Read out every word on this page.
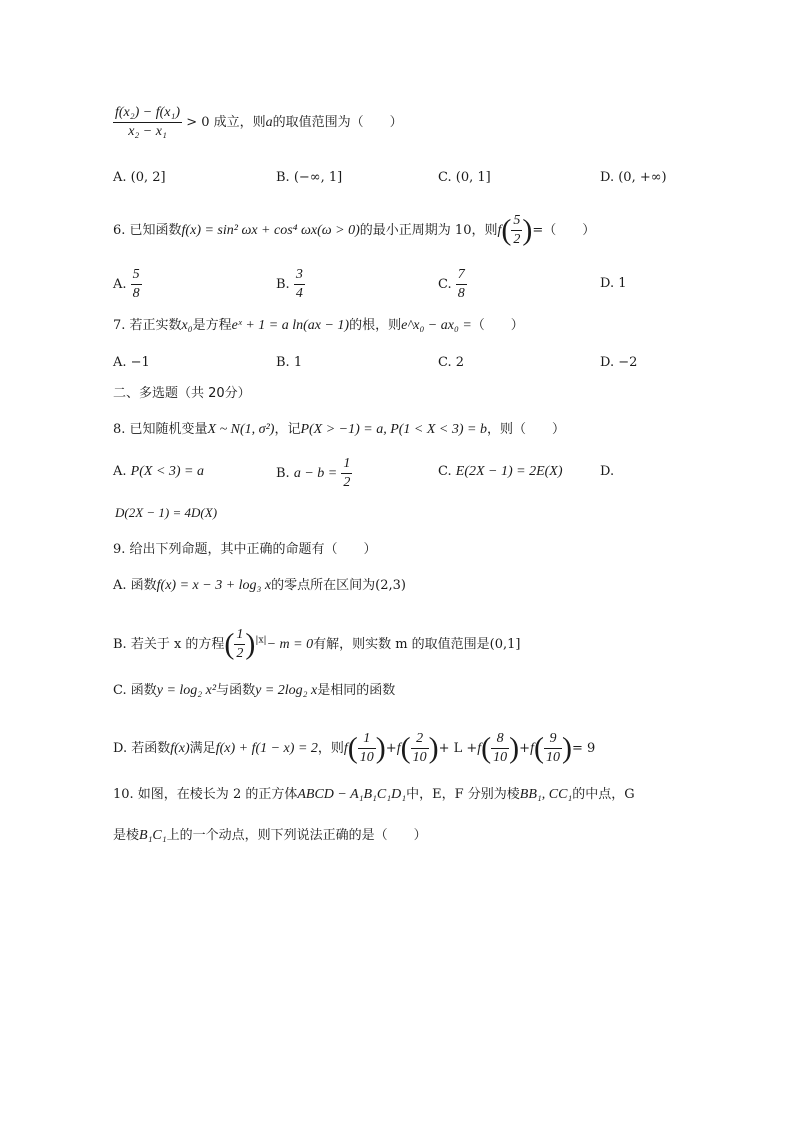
$\frac{\text{f(x₂) − f(x₁)}}{\text{x₂ − x₁}} > 0$ 成立，则a的取值范围为（　　）
A. (0, 2]	B. (−∞, 1]	C. (0, 1]	D. (0, +∞)
6. 已知函数f(x) = sin² ωx + cos⁴ ωx(ω > 0)的最小正周期为 10，则$f( \frac{5}{2}$ )=（　　）
A. $\frac{5}{8}$	B. $\frac{3}{4}$	C. $\frac{7}{8}$	D. 1
7. 若正实数x₀是方程eˣ + 1 = a ln(ax − 1)的根，则e^x₀ − ax₀ =（　　）
A. −1	B. 1	C. 2	D. −2
二、多选题（共 20分）
8. 已知随机变量X ~ N(1, σ²)，记P(X > −1) = a, P(1 < X < 3) = b，则（　　）
A. P(X < 3) = a	B. $a - b = \frac{1}{2}$	C. E(2X − 1) = 2E(X)	D.
D(2X − 1) = 4D(X)
9. 给出下列命题，其中正确的命题有（　　）
A. 函数f(x) = x − 3 + log₃ x的零点所在区间为(2,3)
B. 若关于 x 的方程( $\frac{1}{2} )^{|x|}- m = 0$有解，则实数 m 的取值范围是(0,1]
C. 函数y = log₂ x²与函数y = 2log₂ x是相同的函数
D. 若函数f(x)满足f(x) + f(1 − x) = 2，则$f( \frac{1}{10} )+f( \frac{2}{10}$ )+ $L +f( \frac{8}{10} )+f( \frac{9}{10}$ )= 9
10. 如图，在棱长为 2 的正方体ABCD − A₁B₁C₁D₁中，E，F 分别为棱BB₁, CC₁的中点，G
是棱B₁C₁上的一个动点，则下列说法正确的是（　　）
